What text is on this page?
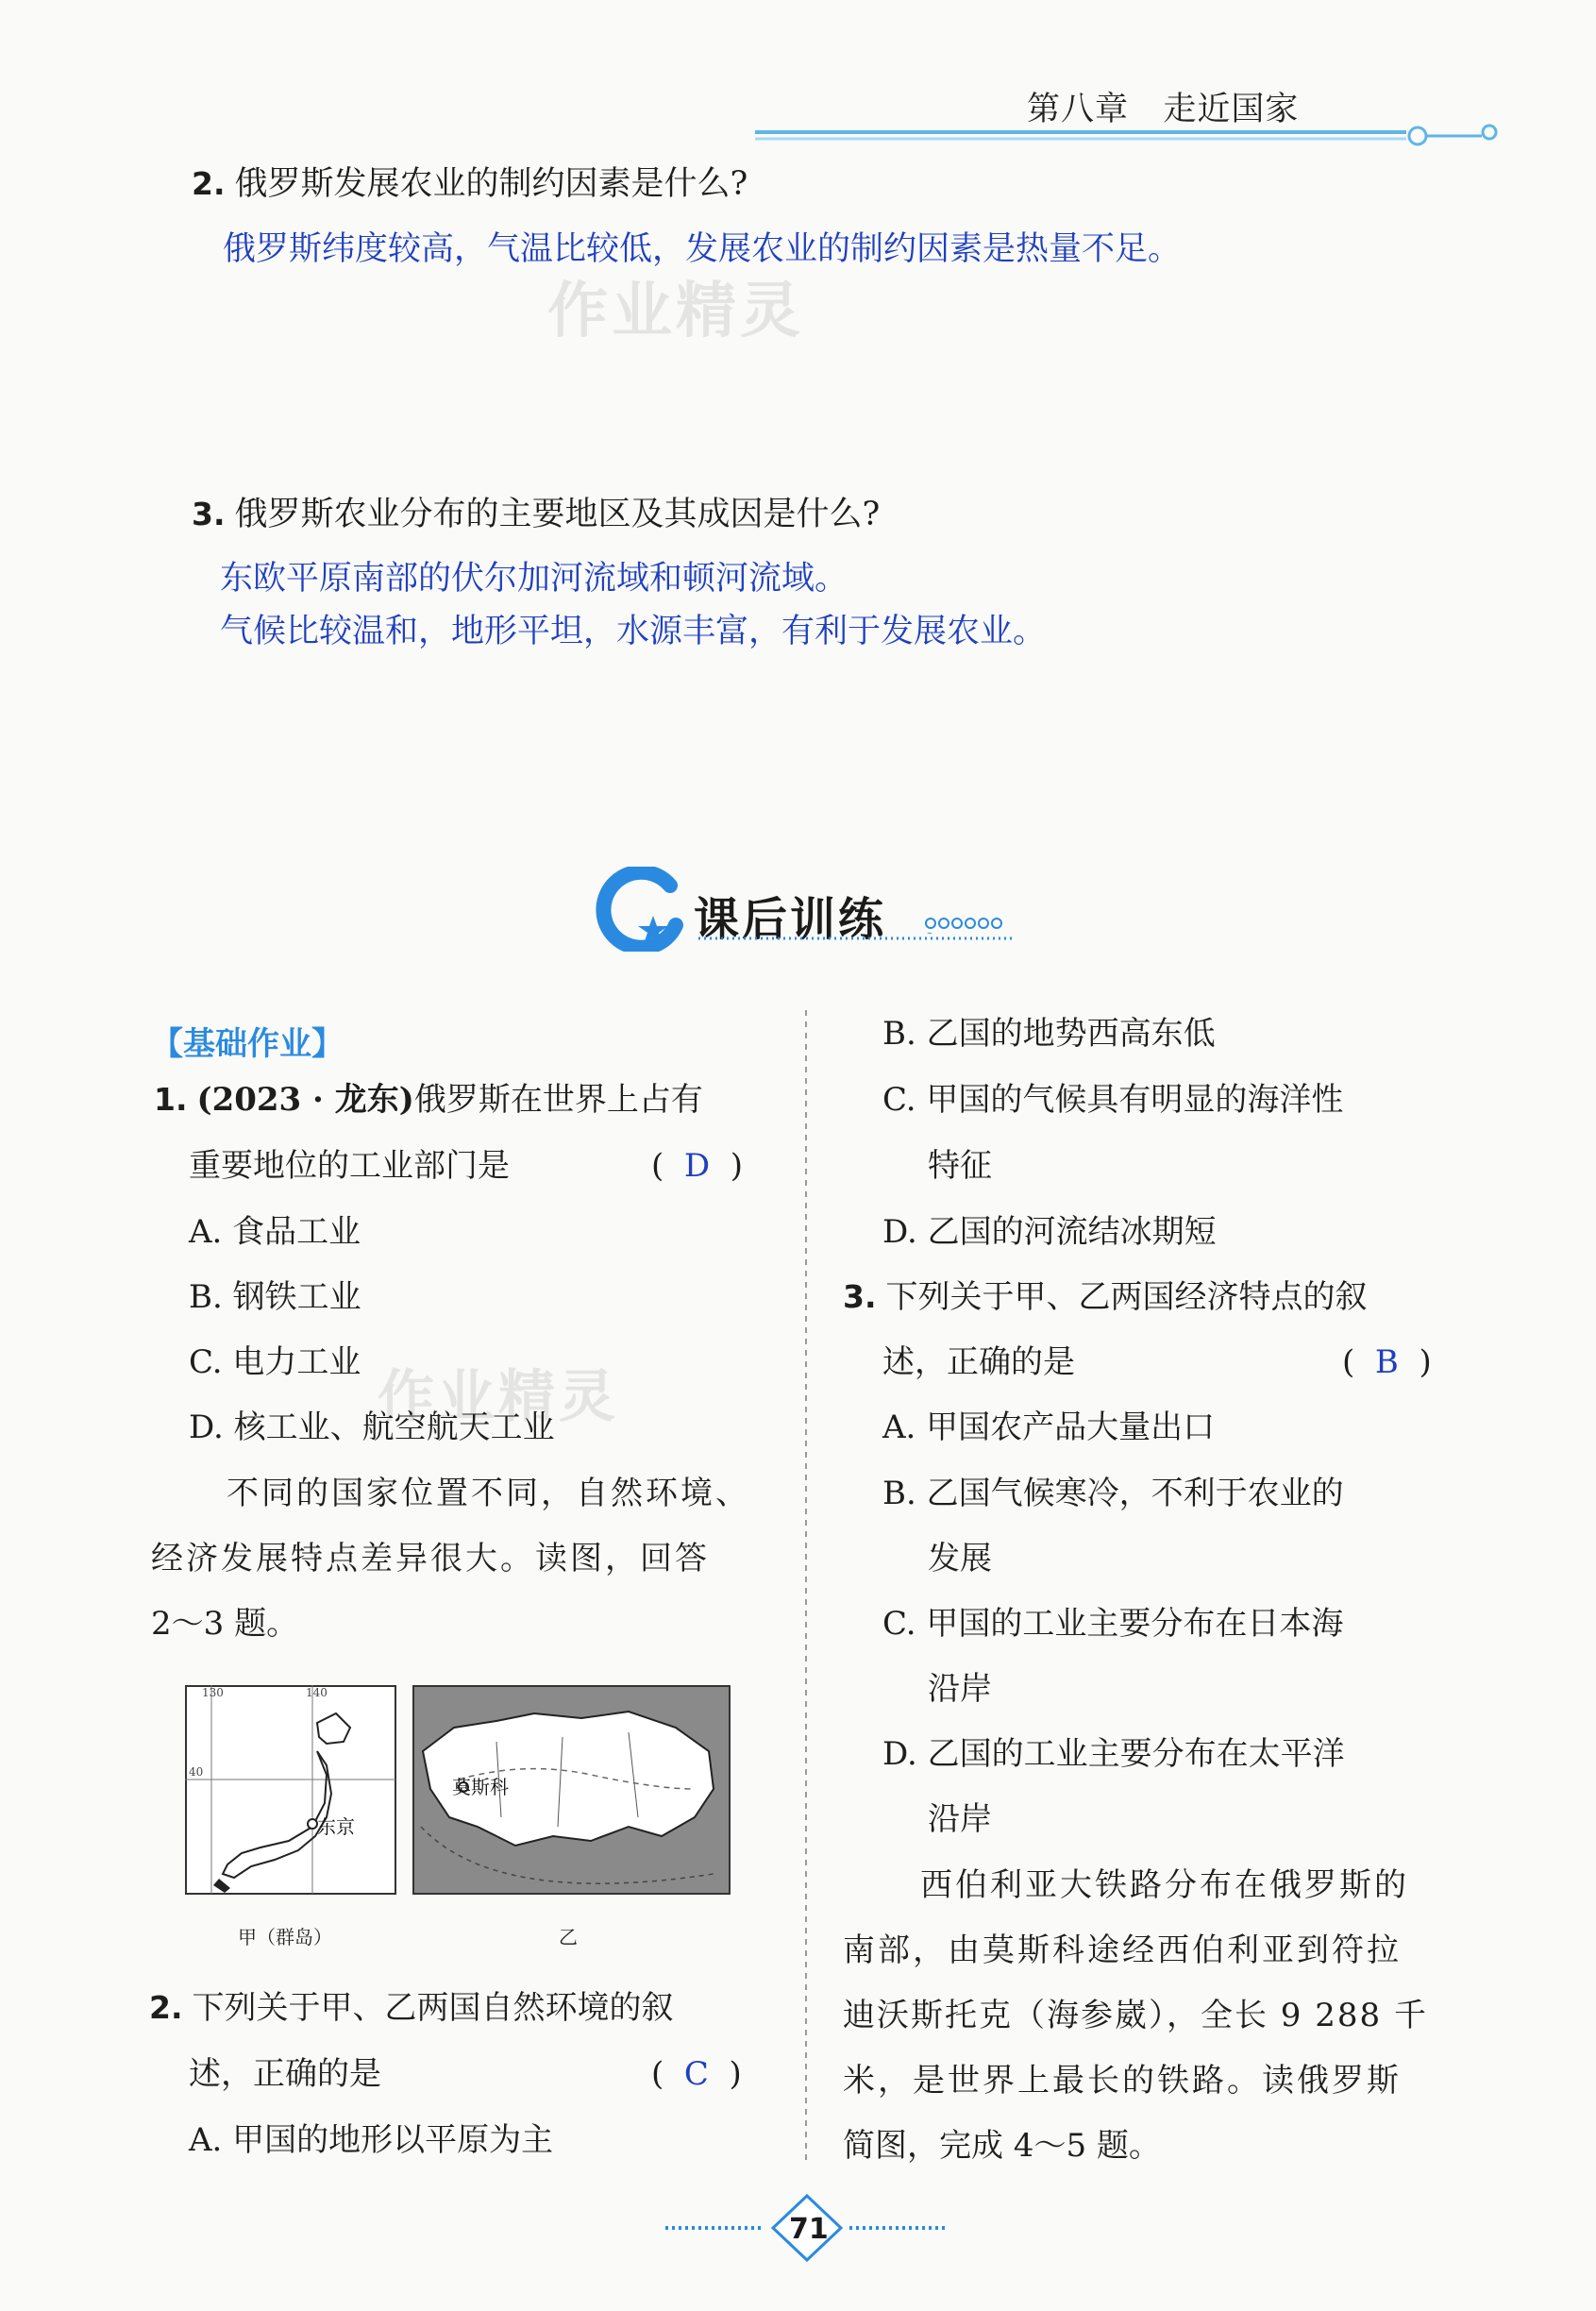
第八章 走近国家
2. 俄罗斯发展农业的制约因素是什么?
俄罗斯纬度较高，气温比较低，发展农业的制约因素是热量不足。
作业精灵
3. 俄罗斯农业分布的主要地区及其成因是什么?
东欧平原南部的伏尔加河流域和顿河流域。
气候比较温和，地形平坦，水源丰富，有利于发展农业。
课后训练
【基础作业】
1. (2023 · 龙东)俄罗斯在世界上占有
重要地位的工业部门是	(  D  )
A. 食品工业
B. 钢铁工业
C. 电力工业
作业精灵
D. 核工业、航空航天工业
不同的国家位置不同，自然环境、
经济发展特点差异很大。读图，回答
2～3 题。
130	140
40
东京
莫斯科
甲（群岛）	乙
2. 下列关于甲、乙两国自然环境的叙
述，正确的是	(  C  )
A. 甲国的地形以平原为主
B. 乙国的地势西高东低
C. 甲国的气候具有明显的海洋性
特征
D. 乙国的河流结冰期短
3. 下列关于甲、乙两国经济特点的叙
述，正确的是	(  B  )
A. 甲国农产品大量出口
B. 乙国气候寒冷，不利于农业的
发展
C. 甲国的工业主要分布在日本海
沿岸
D. 乙国的工业主要分布在太平洋
沿岸
西伯利亚大铁路分布在俄罗斯的
南部，由莫斯科途经西伯利亚到符拉
迪沃斯托克（海参崴），全长 9 288 千
米，是世界上最长的铁路。读俄罗斯
简图，完成 4～5 题。
71
